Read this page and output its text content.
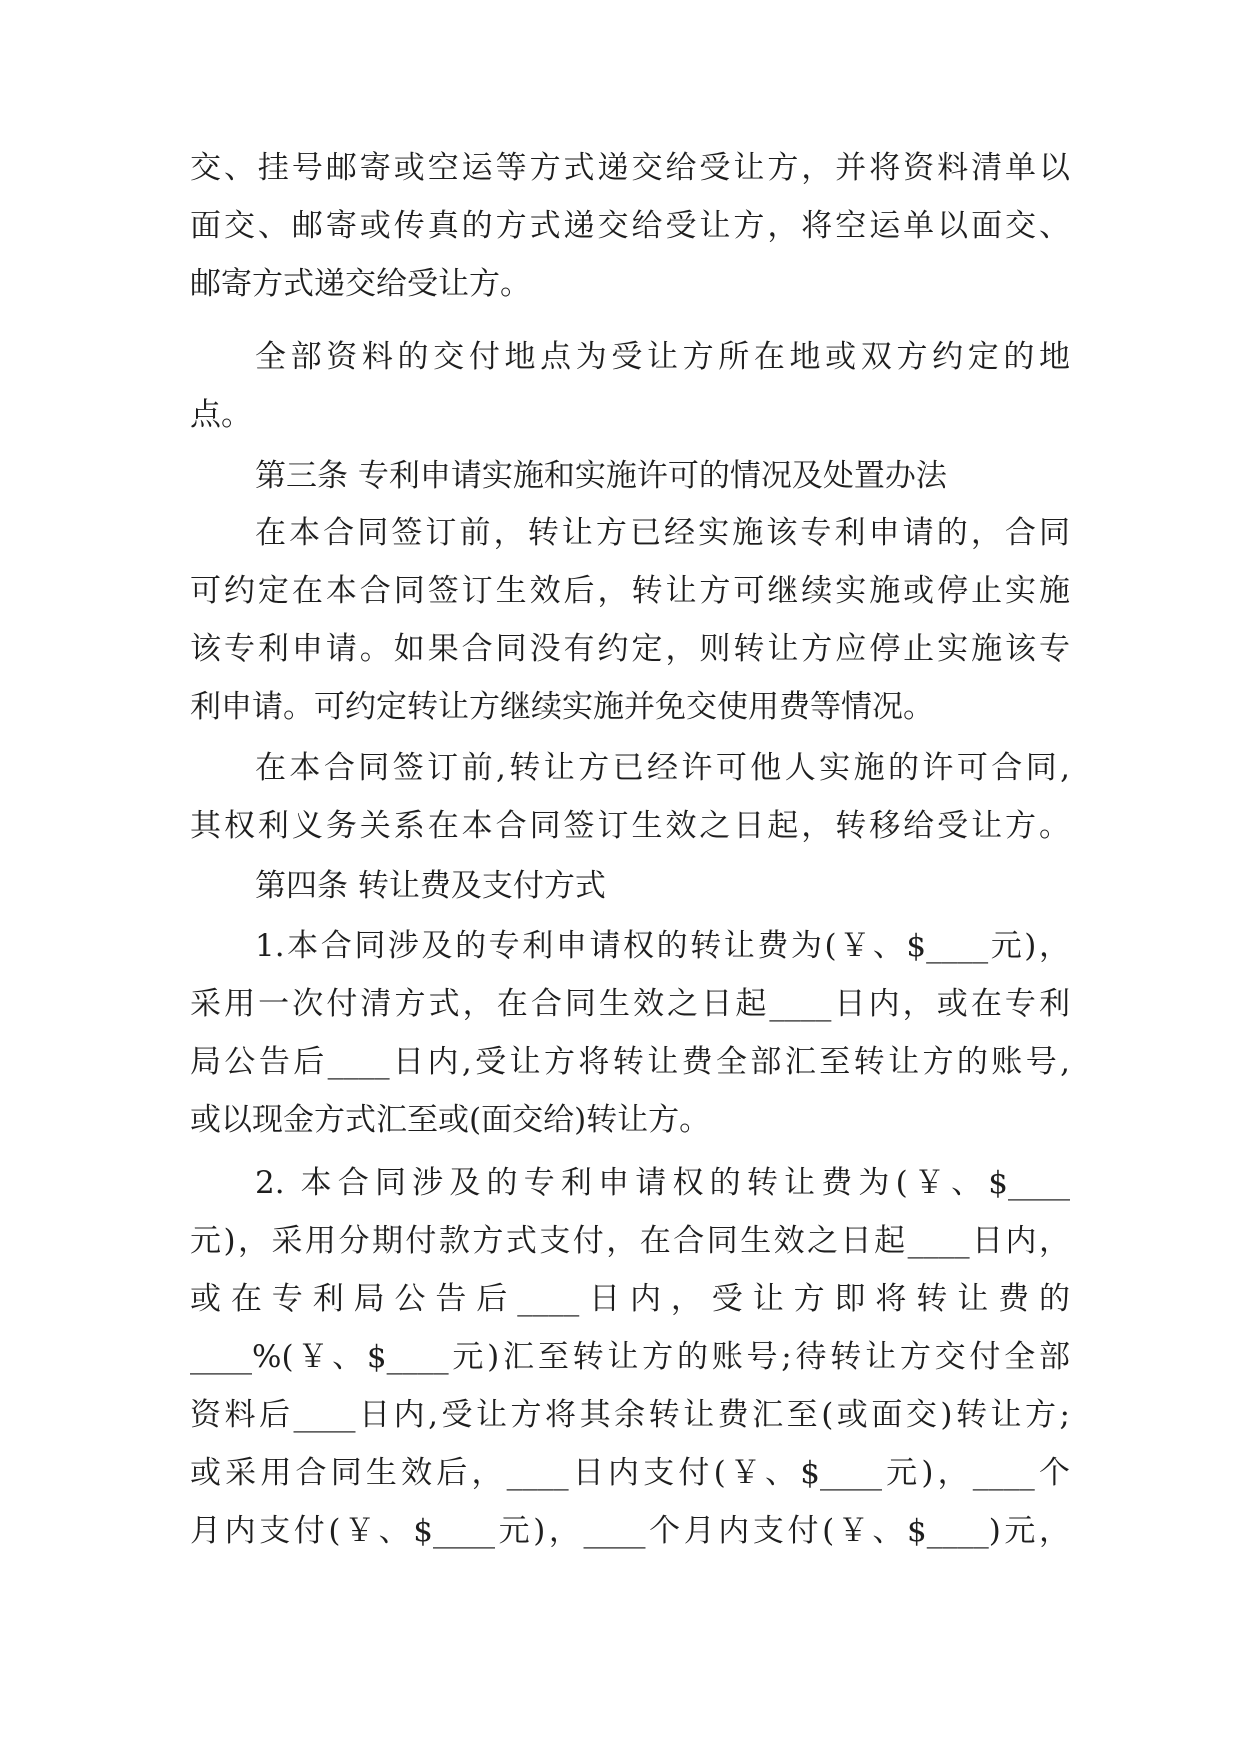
交、挂号邮寄或空运等方式递交给受让方，并将资料清单以
面交、邮寄或传真的方式递交给受让方，将空运单以面交、
邮寄方式递交给受让方。
全部资料的交付地点为受让方所在地或双方约定的地
点。
第三条 专利申请实施和实施许可的情况及处置办法
在本合同签订前，转让方已经实施该专利申请的，合同
可约定在本合同签订生效后，转让方可继续实施或停止实施
该专利申请。如果合同没有约定，则转让方应停止实施该专
利申请。可约定转让方继续实施并免交使用费等情况。
在本合同签订前,转让方已经许可他人实施的许可合同,
其权利义务关系在本合同签订生效之日起，转移给受让方。
第四条 转让费及支付方式
1.本合同涉及的专利申请权的转让费为(￥、$____元)，
采用一次付清方式，在合同生效之日起____日内，或在专利
局公告后____日内,受让方将转让费全部汇至转让方的账号,
或以现金方式汇至或(面交给)转让方。
2. 本合同涉及的专利申请权的转让费为(￥、$____
元)，采用分期付款方式支付，在合同生效之日起____日内，
或在专利局公告后____日内，受让方即将转让费的
____%(￥、$____元)汇至转让方的账号;待转让方交付全部
资料后____日内,受让方将其余转让费汇至(或面交)转让方;
或采用合同生效后，____日内支付(￥、$____元)，____个
月内支付(￥、$____元)，____个月内支付(￥、$____)元，
